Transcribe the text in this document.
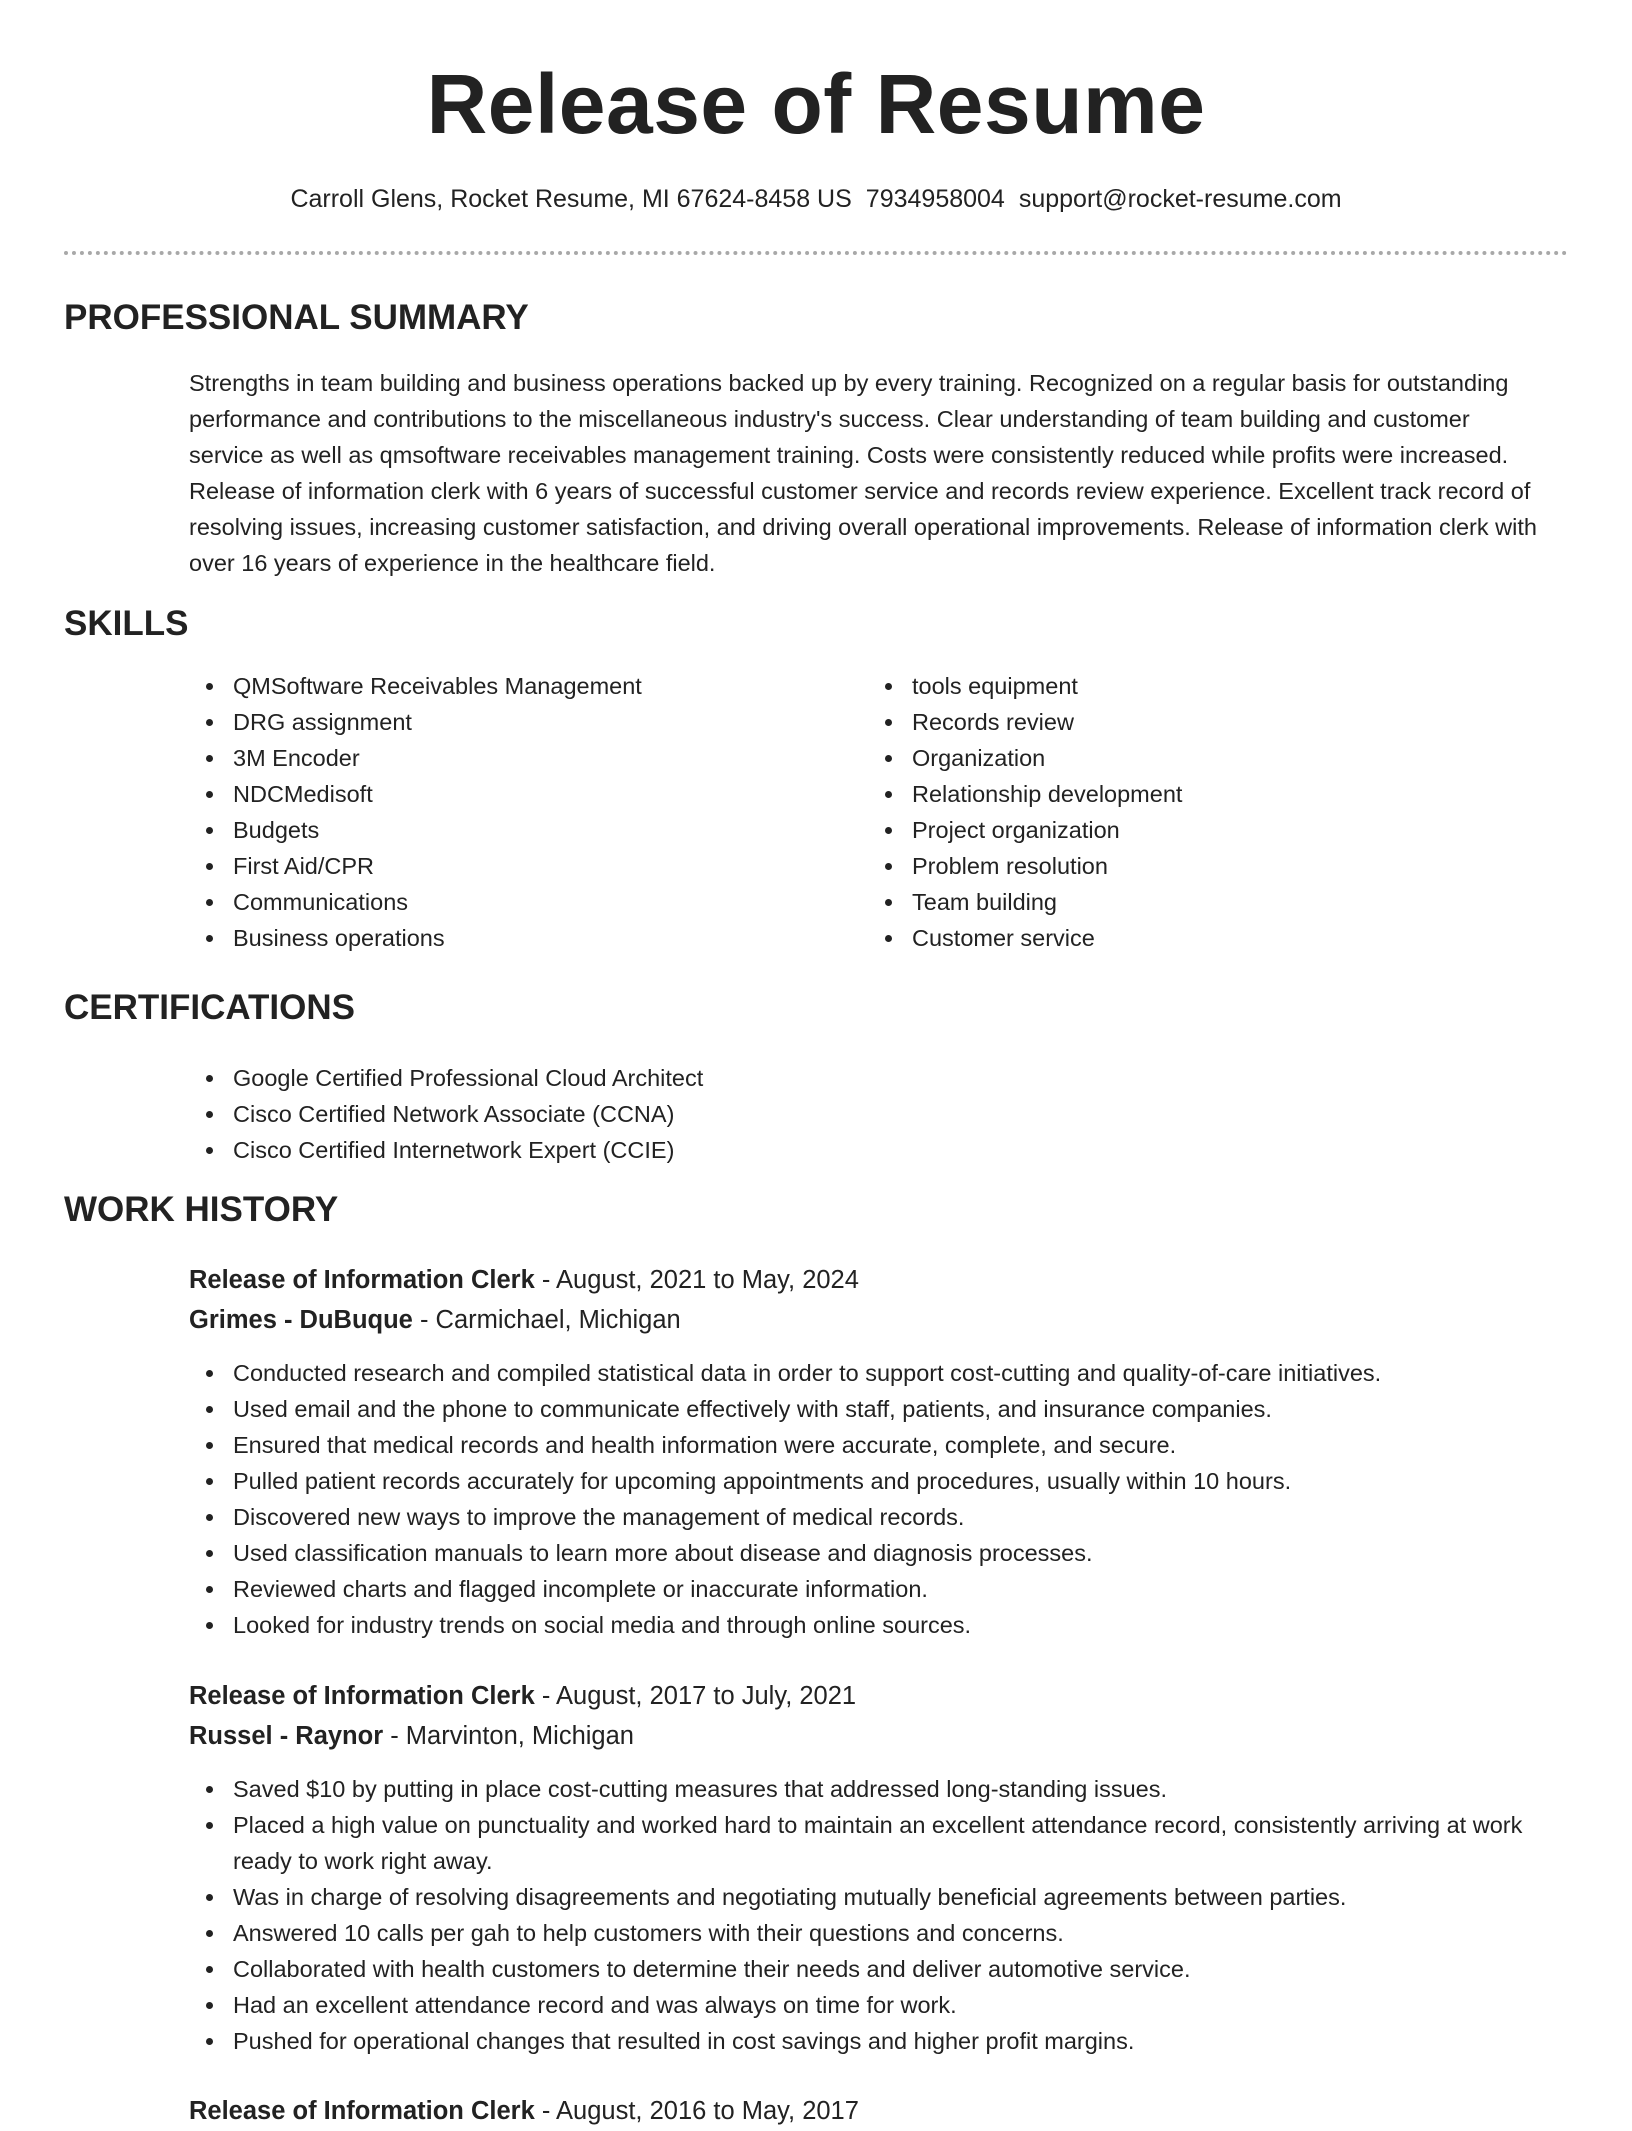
Release of Resume
Carroll Glens, Rocket Resume, MI 67624-8458 US 7934958004 support@rocket-resume.com
PROFESSIONAL SUMMARY
Strengths in team building and business operations backed up by every training. Recognized on a regular basis for outstanding performance and contributions to the miscellaneous industry's success. Clear understanding of team building and customer service as well as qmsoftware receivables management training. Costs were consistently reduced while profits were increased. Release of information clerk with 6 years of successful customer service and records review experience. Excellent track record of resolving issues, increasing customer satisfaction, and driving overall operational improvements. Release of information clerk with over 16 years of experience in the healthcare field.
SKILLS
QMSoftware Receivables Management
DRG assignment
3M Encoder
NDCMedisoft
Budgets
First Aid/CPR
Communications
Business operations
tools equipment
Records review
Organization
Relationship development
Project organization
Problem resolution
Team building
Customer service
CERTIFICATIONS
Google Certified Professional Cloud Architect
Cisco Certified Network Associate (CCNA)
Cisco Certified Internetwork Expert (CCIE)
WORK HISTORY
Release of Information Clerk - August, 2021 to May, 2024
Grimes - DuBuque - Carmichael, Michigan
Conducted research and compiled statistical data in order to support cost-cutting and quality-of-care initiatives.
Used email and the phone to communicate effectively with staff, patients, and insurance companies.
Ensured that medical records and health information were accurate, complete, and secure.
Pulled patient records accurately for upcoming appointments and procedures, usually within 10 hours.
Discovered new ways to improve the management of medical records.
Used classification manuals to learn more about disease and diagnosis processes.
Reviewed charts and flagged incomplete or inaccurate information.
Looked for industry trends on social media and through online sources.
Release of Information Clerk - August, 2017 to July, 2021
Russel - Raynor - Marvinton, Michigan
Saved $10 by putting in place cost-cutting measures that addressed long-standing issues.
Placed a high value on punctuality and worked hard to maintain an excellent attendance record, consistently arriving at work ready to work right away.
Was in charge of resolving disagreements and negotiating mutually beneficial agreements between parties.
Answered 10 calls per gah to help customers with their questions and concerns.
Collaborated with health customers to determine their needs and deliver automotive service.
Had an excellent attendance record and was always on time for work.
Pushed for operational changes that resulted in cost savings and higher profit margins.
Release of Information Clerk - August, 2016 to May, 2017
